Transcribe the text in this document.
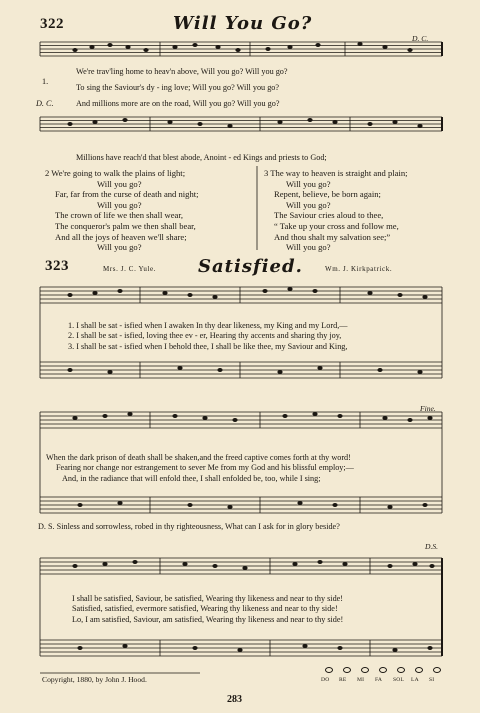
322	Will You Go?
D. C.
1.
D. C.
We're trav'ling home to heav'n above, Will you go? Will you go?
To sing the Saviour's dy - ing love; Will you go? Will you go?
And millions more are on the road, Will you go? Will you go?
Millions have reach'd that blest abode, Anoint - ed Kings and priests to God;
2 We're going to walk the plains of light;
Will you go?
Far, far from the curse of death and night;
Will you go?
The crown of life we then shall wear,
The conqueror's palm we then shall bear,
And all the joys of heaven we'll share;
Will you go?
3 The way to heaven is straight and plain;
Will you go?
Repent, believe, be born again;
Will you go?
The Saviour cries aloud to thee,
“ Take up your cross and follow me,
And thou shalt my salvation see;”
Will you go?
323	Mrs. J. C. Yule. Satisfied.	Wm. J. Kirkpatrick.
1. I shall be sat - isfied when I awaken In thy dear likeness, my King and my Lord,—
2. I shall be sat - isfied, loving thee ev - er, Hearing thy accents and sharing thy joy,
3. I shall be sat - isfied when I behold thee, I shall be like thee, my Saviour and King,
Fine.
When the dark prison of death shall be shaken,and the freed captive comes forth at thy word!
Fearing nor change nor estrangement to sever Me from my God and his blissful employ;—
And, in the radiance that will enfold thee, I shall enfolded be, too, while I sing;
D. S. Sinless and sorrowless, robed in thy righteousness, What can I ask for in glory beside?
D.S.
I shall be satisfied, Saviour, be satisfied, Wearing thy likeness and near to thy side!
Satisfied, satisfied, evermore satisfied, Wearing thy likeness and near to thy side!
Lo, I am satisfied, Saviour, am satisfied, Wearing thy likeness and near to thy side!
Copyright, 1880, by John J. Hood.	DO RE MI FA SOL LA SI
283
